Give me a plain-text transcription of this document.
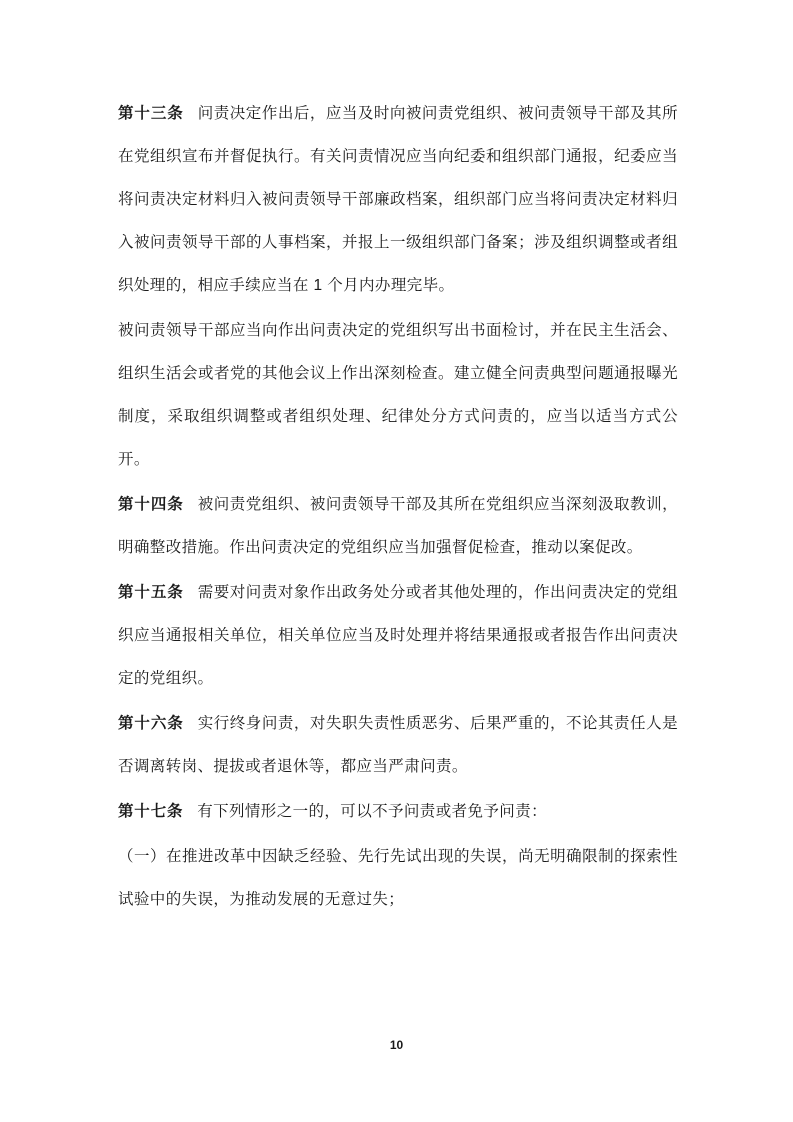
第十三条 问责决定作出后，应当及时向被问责党组织、被问责领导干部及其所在党组织宣布并督促执行。有关问责情况应当向纪委和组织部门通报，纪委应当将问责决定材料归入被问责领导干部廉政档案，组织部门应当将问责决定材料归入被问责领导干部的人事档案，并报上一级组织部门备案；涉及组织调整或者组织处理的，相应手续应当在 1 个月内办理完毕。

被问责领导干部应当向作出问责决定的党组织写出书面检讨，并在民主生活会、组织生活会或者党的其他会议上作出深刻检查。建立健全问责典型问题通报曝光制度，采取组织调整或者组织处理、纪律处分方式问责的，应当以适当方式公开。

第十四条 被问责党组织、被问责领导干部及其所在党组织应当深刻汲取教训，明确整改措施。作出问责决定的党组织应当加强督促检查，推动以案促改。

第十五条 需要对问责对象作出政务处分或者其他处理的，作出问责决定的党组织应当通报相关单位，相关单位应当及时处理并将结果通报或者报告作出问责决定的党组织。

第十六条 实行终身问责，对失职失责性质恶劣、后果严重的，不论其责任人是否调离转岗、提拔或者退休等，都应当严肃问责。

第十七条 有下列情形之一的，可以不予问责或者免予问责：

（一）在推进改革中因缺乏经验、先行先试出现的失误，尚无明确限制的探索性试验中的失误，为推动发展的无意过失；

10
